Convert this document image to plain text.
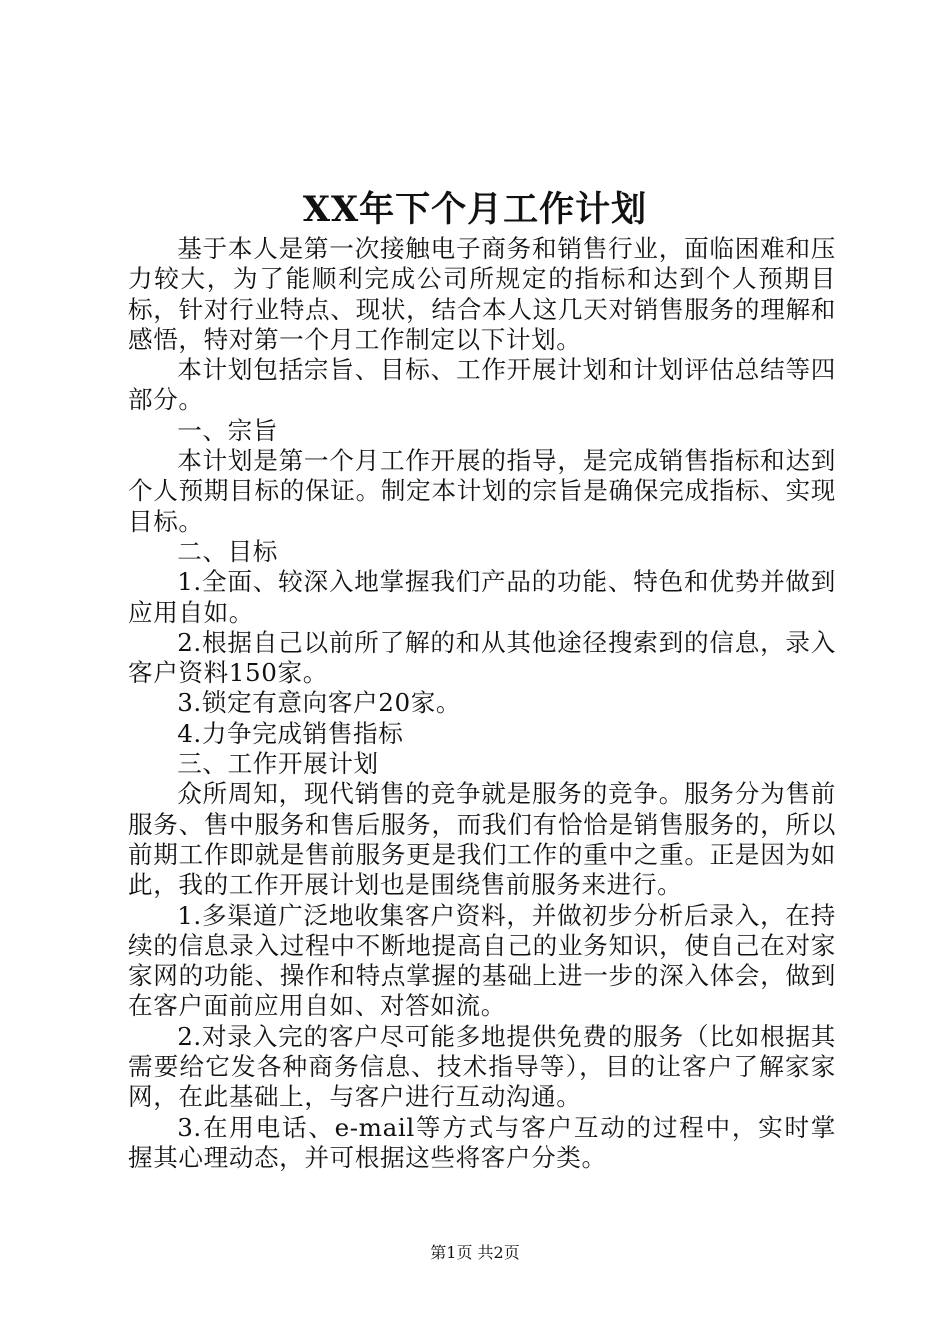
XX年下个月工作计划

基于本人是第一次接触电子商务和销售行业，面临困难和压力较大，为了能顺利完成公司所规定的指标和达到个人预期目标，针对行业特点、现状，结合本人这几天对销售服务的理解和感悟，特对第一个月工作制定以下计划。

本计划包括宗旨、目标、工作开展计划和计划评估总结等四部分。

一、宗旨

本计划是第一个月工作开展的指导，是完成销售指标和达到个人预期目标的保证。制定本计划的宗旨是确保完成指标、实现目标。

二、目标

1.全面、较深入地掌握我们产品的功能、特色和优势并做到应用自如。

2.根据自己以前所了解的和从其他途径搜索到的信息，录入客户资料150家。

3.锁定有意向客户20家。

4.力争完成销售指标

三、工作开展计划

众所周知，现代销售的竞争就是服务的竞争。服务分为售前服务、售中服务和售后服务，而我们有恰恰是销售服务的，所以前期工作即就是售前服务更是我们工作的重中之重。正是因为如此，我的工作开展计划也是围绕售前服务来进行。

1.多渠道广泛地收集客户资料，并做初步分析后录入，在持续的信息录入过程中不断地提高自己的业务知识，使自己在对家家网的功能、操作和特点掌握的基础上进一步的深入体会，做到在客户面前应用自如、对答如流。

2.对录入完的客户尽可能多地提供免费的服务（比如根据其需要给它发各种商务信息、技术指导等），目的让客户了解家家网，在此基础上，与客户进行互动沟通。

3.在用电话、e-mail等方式与客户互动的过程中，实时掌握其心理动态，并可根据这些将客户分类。

第1页 共2页
